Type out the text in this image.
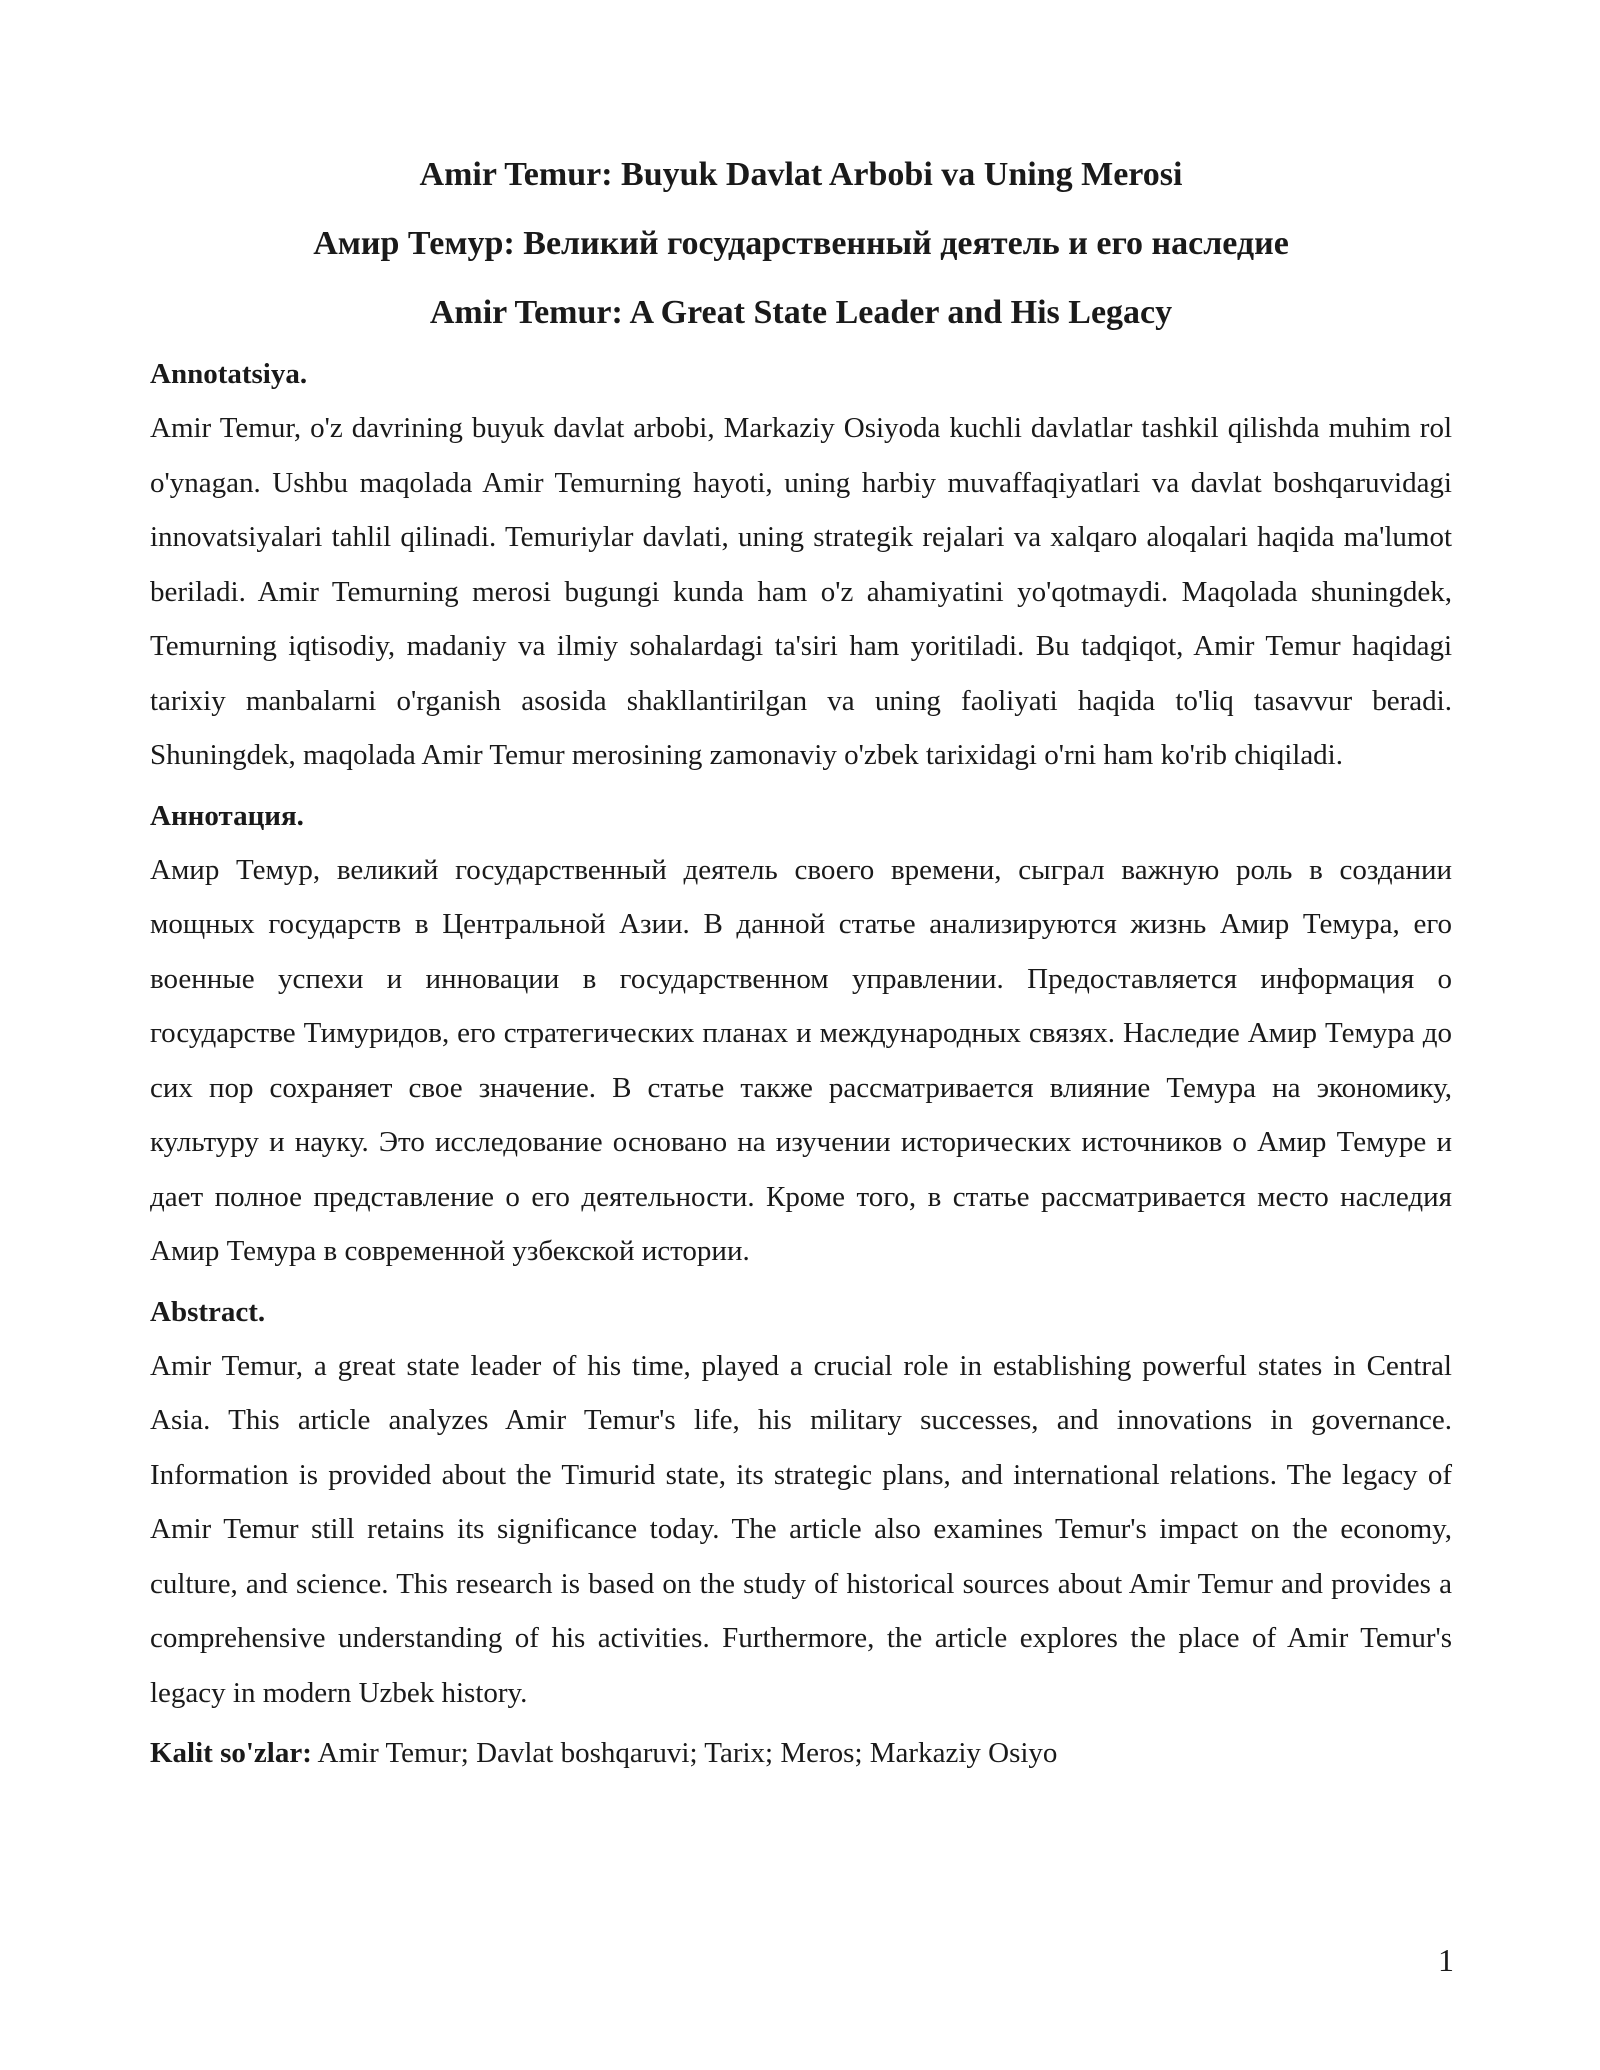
Amir Temur: Buyuk Davlat Arbobi va Uning Merosi
Амир Темур: Великий государственный деятель и его наследие
Amir Temur: A Great State Leader and His Legacy

Annotatsiya.

Amir Temur, o'z davrining buyuk davlat arbobi, Markaziy Osiyoda kuchli davlatlar tashkil qilishda muhim rol o'ynagan. Ushbu maqolada Amir Temurning hayoti, uning harbiy muvaffaqiyatlari va davlat boshqaruvidagi innovatsiyalari tahlil qilinadi. Temuriylar davlati, uning strategik rejalari va xalqaro aloqalari haqida ma'lumot beriladi. Amir Temurning merosi bugungi kunda ham o'z ahamiyatini yo'qotmaydi. Maqolada shuningdek, Temurning iqtisodiy, madaniy va ilmiy sohalardagi ta'siri ham yoritiladi. Bu tadqiqot, Amir Temur haqidagi tarixiy manbalarni o'rganish asosida shakllantirilgan va uning faoliyati haqida to'liq tasavvur beradi. Shuningdek, maqolada Amir Temur merosining zamonaviy o'zbek tarixidagi o'rni ham ko'rib chiqiladi.

Аннотация.

Амир Темур, великий государственный деятель своего времени, сыграл важную роль в создании мощных государств в Центральной Азии. В данной статье анализируются жизнь Амир Темура, его военные успехи и инновации в государственном управлении. Предоставляется информация о государстве Тимуридов, его стратегических планах и международных связях. Наследие Амир Темура до сих пор сохраняет свое значение. В статье также рассматривается влияние Темура на экономику, культуру и науку. Это исследование основано на изучении исторических источников о Амир Темуре и дает полное представление о его деятельности. Кроме того, в статье рассматривается место наследия Амир Темура в современной узбекской истории.

Abstract.

Amir Temur, a great state leader of his time, played a crucial role in establishing powerful states in Central Asia. This article analyzes Amir Temur's life, his military successes, and innovations in governance. Information is provided about the Timurid state, its strategic plans, and international relations. The legacy of Amir Temur still retains its significance today. The article also examines Temur's impact on the economy, culture, and science. This research is based on the study of historical sources about Amir Temur and provides a comprehensive understanding of his activities. Furthermore, the article explores the place of Amir Temur's legacy in modern Uzbek history.

Kalit so'zlar: Amir Temur; Davlat boshqaruvi; Tarix; Meros; Markaziy Osiyo

1
